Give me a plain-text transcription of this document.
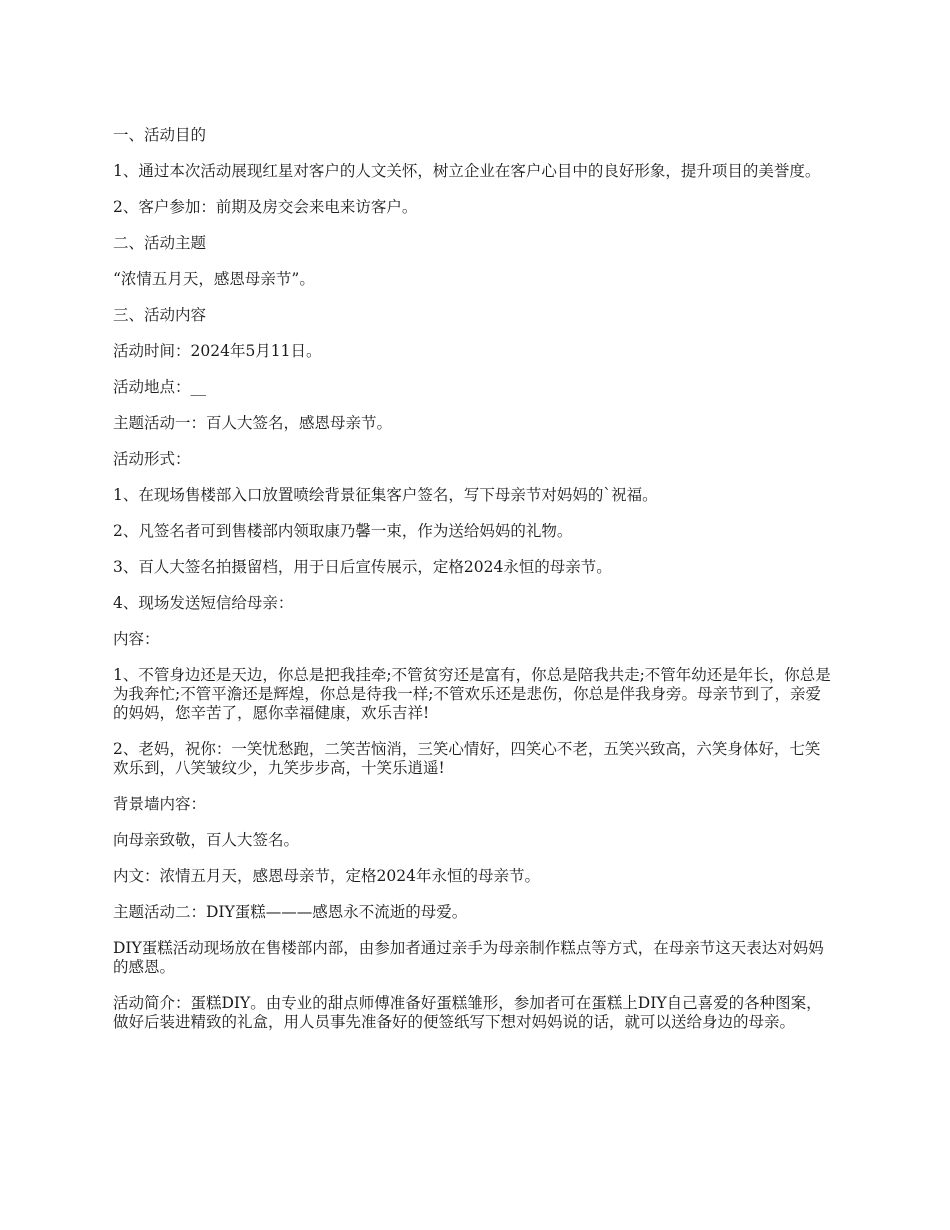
一、活动目的

1、通过本次活动展现红星对客户的人文关怀，树立企业在客户心目中的良好形象，提升项目的美誉度。

2、客户参加：前期及房交会来电来访客户。

二、活动主题

“浓情五月天，感恩母亲节”。

三、活动内容

活动时间：2024年5月11日。

活动地点：__

主题活动一：百人大签名，感恩母亲节。

活动形式：

1、在现场售楼部入口放置喷绘背景征集客户签名，写下母亲节对妈妈的`祝福。

2、凡签名者可到售楼部内领取康乃馨一束，作为送给妈妈的礼物。

3、百人大签名拍摄留档，用于日后宣传展示，定格2024永恒的母亲节。

4、现场发送短信给母亲：

内容：

1、不管身边还是天边，你总是把我挂牵;不管贫穷还是富有，你总是陪我共走;不管年幼还是年长，你总是为我奔忙;不管平澹还是辉煌，你总是待我一样;不管欢乐还是悲伤，你总是伴我身旁。母亲节到了，亲爱的妈妈，您辛苦了，愿你幸福健康，欢乐吉祥!

2、老妈，祝你：一笑忧愁跑，二笑苦恼消，三笑心情好，四笑心不老，五笑兴致高，六笑身体好，七笑欢乐到，八笑皱纹少，九笑步步高，十笑乐逍遥!

背景墙内容：

向母亲致敬，百人大签名。

内文：浓情五月天，感恩母亲节，定格2024年永恒的母亲节。

主题活动二：DIY蛋糕———感恩永不流逝的母爱。

DIY蛋糕活动现场放在售楼部内部，由参加者通过亲手为母亲制作糕点等方式，在母亲节这天表达对妈妈的感恩。

活动简介：蛋糕DIY。由专业的甜点师傅准备好蛋糕雏形，参加者可在蛋糕上DIY自己喜爱的各种图案，做好后装进精致的礼盒，用人员事先准备好的便签纸写下想对妈妈说的话，就可以送给身边的母亲。
